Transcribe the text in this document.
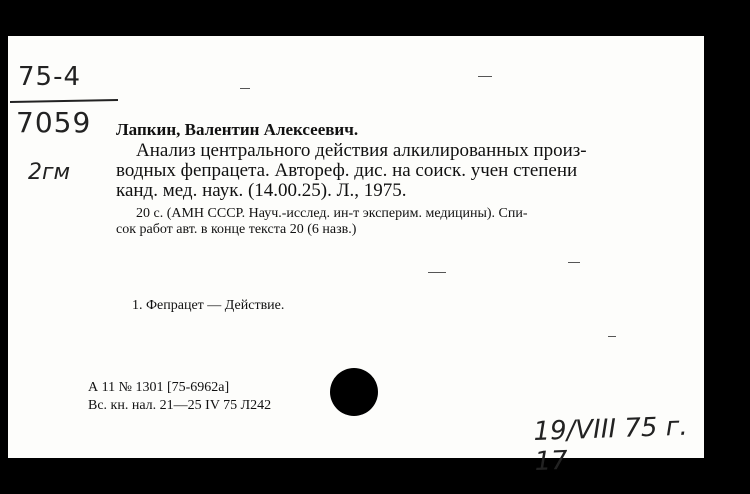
75-4
7059
2гм
Лапкин, Валентин Алексеевич.
Анализ центрального действия алкилированных произ-
водных фепрацета. Автореф. дис. на соиск. учен степени
канд. мед. наук. (14.00.25). Л., 1975.
20 с. (АМН СССР. Науч.-исслед. ин-т эксперим. медицины). Спи-
сок работ авт. в конце текста 20 (6 назв.)
1. Фепрацет — Действие.
А 11 № 1301 [75-6962а]
Вс. кн. нал. 21—25 IV 75 Л242
19/VIII 75 г. 17
